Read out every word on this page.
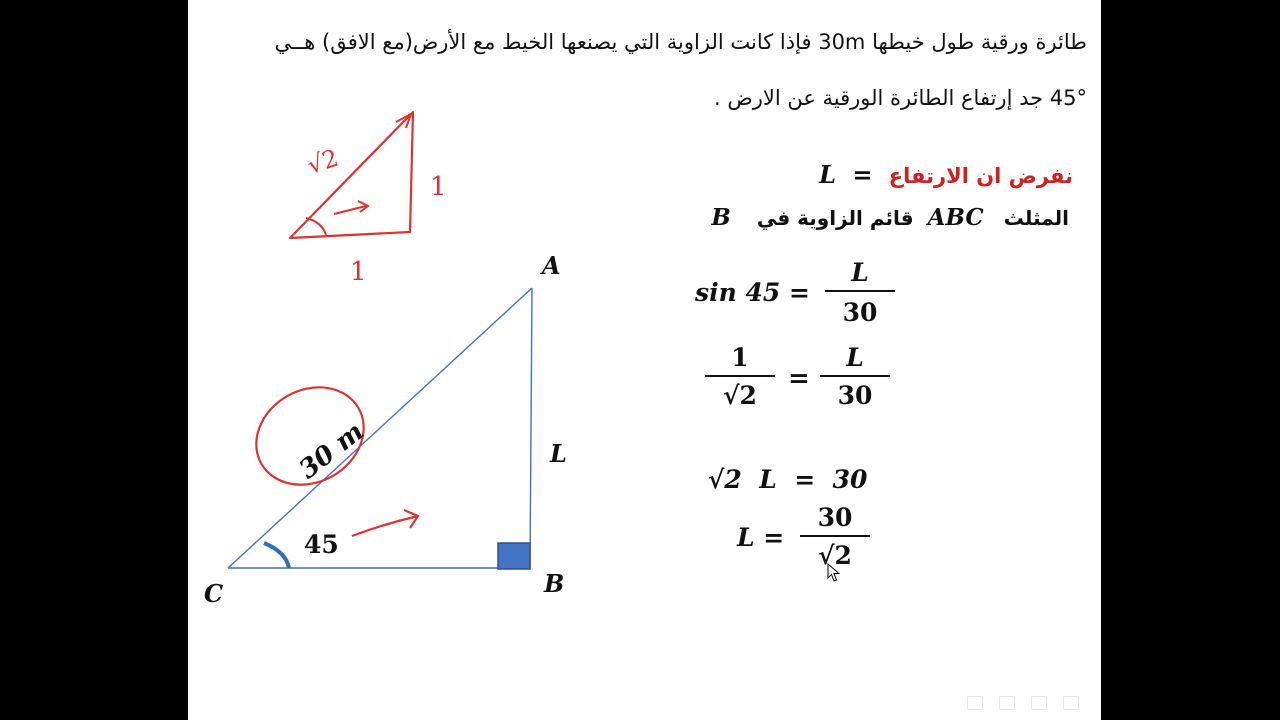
طائرة ورقية طول خيطها 30m فإذا كانت الزاوية التي يصنعها الخيط مع الأرض(مع الافق) هــي
45° جد إرتفاع الطائرة الورقية عن الارض .
√2
1
1	A
B
C
L
30 m
45
L = نفرض ان الارتفاع
B قائم الزاوية في ABC المثلث
sin 45 =
L
30
1
√2
=
L
30
√2  L  =  30
L =
30
√2
